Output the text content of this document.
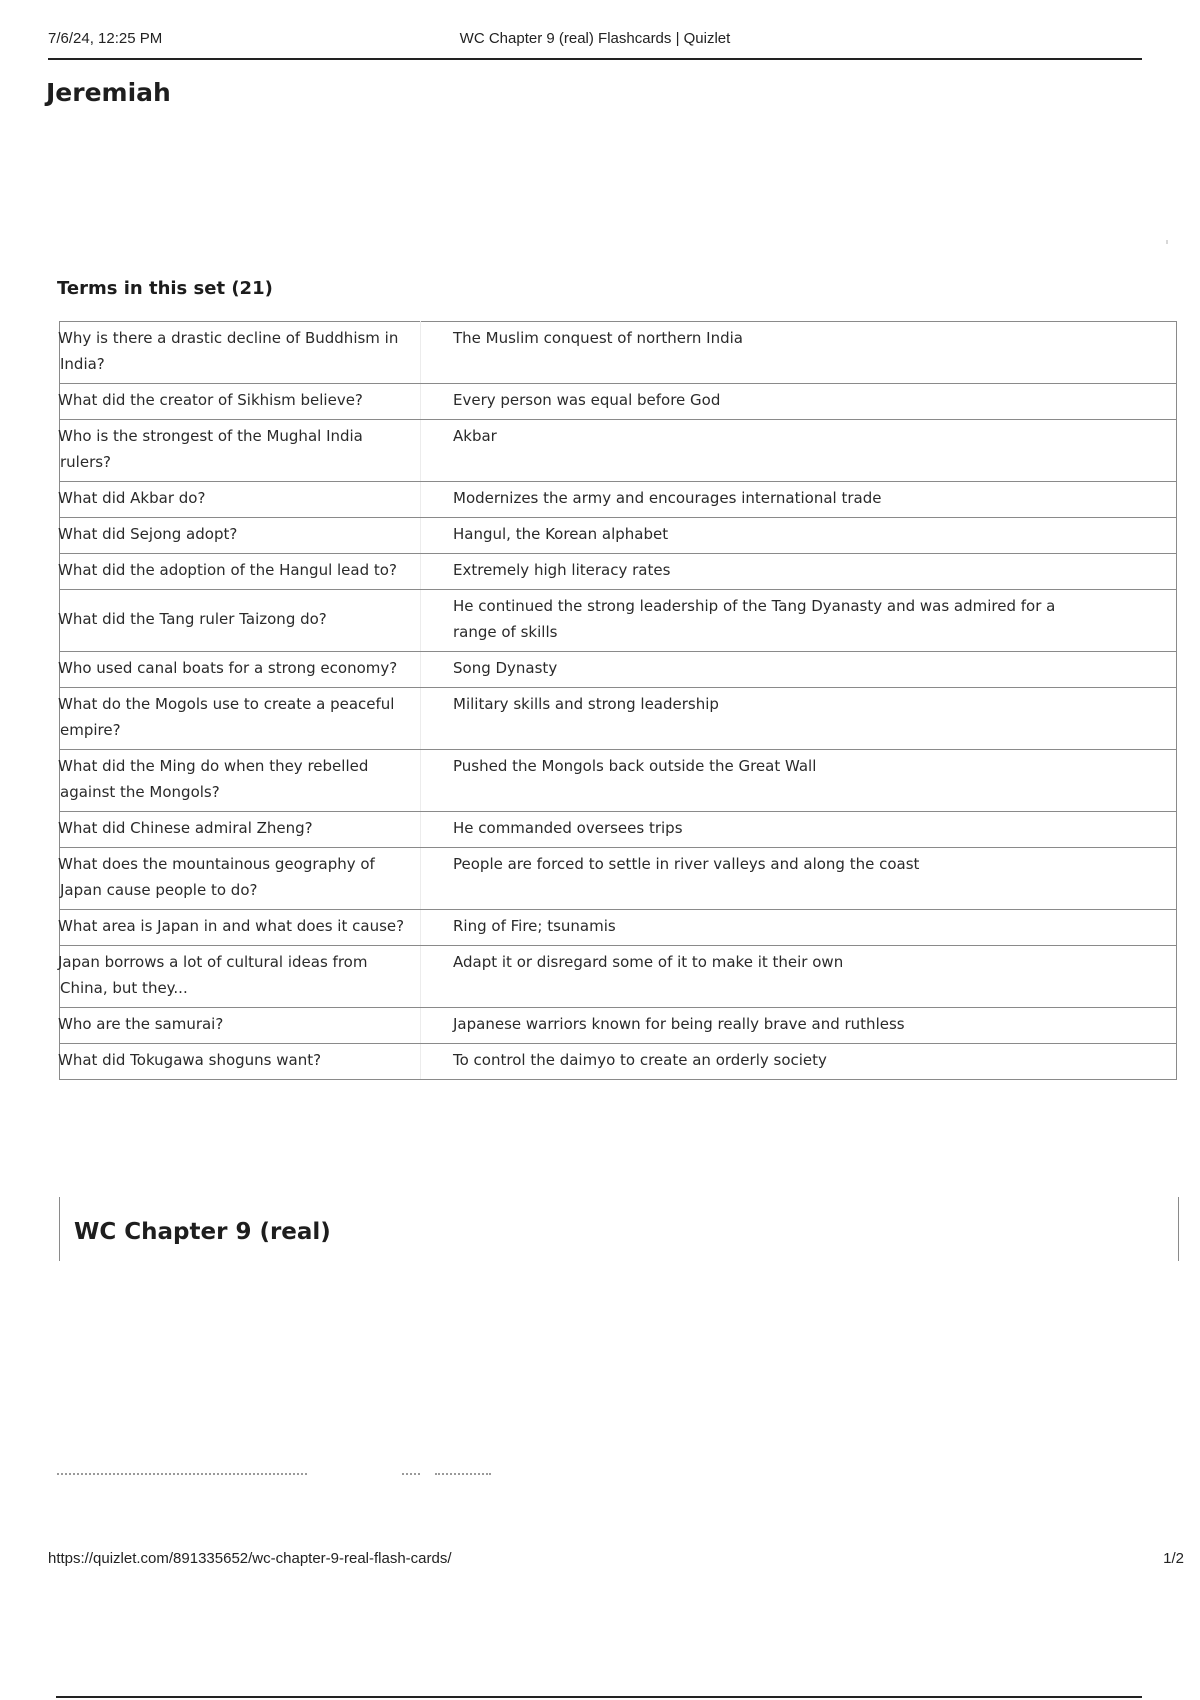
7/6/24, 12:25 PM	WC Chapter 9 (real) Flashcards | Quizlet
Jeremiah
Terms in this set (21)
Why is there a drastic decline of Buddhism in India?	The Muslim conquest of northern India
What did the creator of Sikhism believe?	Every person was equal before God
Who is the strongest of the Mughal India rulers?	Akbar
What did Akbar do?	Modernizes the army and encourages international trade
What did Sejong adopt?	Hangul, the Korean alphabet
What did the adoption of the Hangul lead to?	Extremely high literacy rates
What did the Tang ruler Taizong do?	He continued the strong leadership of the Tang Dyanasty and was admired for a range of skills
Who used canal boats for a strong economy?	Song Dynasty
What do the Mogols use to create a peaceful empire?	Military skills and strong leadership
What did the Ming do when they rebelled against the Mongols?	Pushed the Mongols back outside the Great Wall
What did Chinese admiral Zheng?	He commanded oversees trips
What does the mountainous geography of Japan cause people to do?	People are forced to settle in river valleys and along the coast
What area is Japan in and what does it cause?	Ring of Fire; tsunamis
Japan borrows a lot of cultural ideas from China, but they...	Adapt it or disregard some of it to make it their own
Who are the samurai?	Japanese warriors known for being really brave and ruthless
What did Tokugawa shoguns want?	To control the daimyo to create an orderly society
WC Chapter 9 (real)
https://quizlet.com/891335652/wc-chapter-9-real-flash-cards/	1/2
